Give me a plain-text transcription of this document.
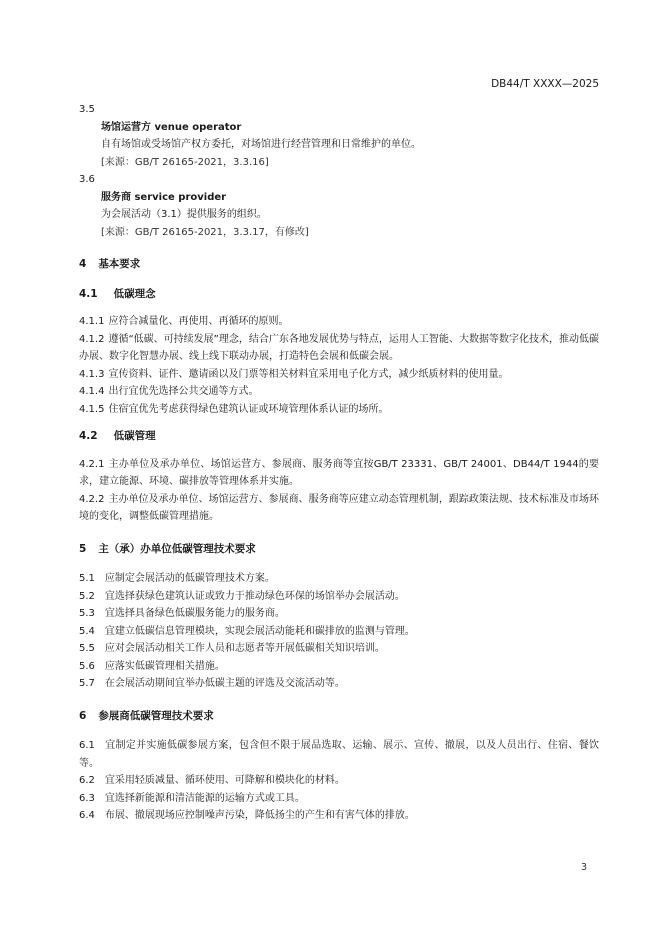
DB44/T XXXX—2025
3.5
场馆运营方 venue operator
自有场馆或受场馆产权方委托，对场馆进行经营管理和日常维护的单位。
[来源：GB/T 26165-2021，3.3.16]
3.6
服务商 service provider
为会展活动（3.1）提供服务的组织。
[来源：GB/T 26165-2021，3.3.17，有修改]
4 基本要求
4.1 低碳理念
4.1.1 应符合减量化、再使用、再循环的原则。
4.1.2 遵循“低碳、可持续发展”理念，结合广东各地发展优势与特点，运用人工智能、大数据等数字化技术，推动低碳办展、数字化智慧办展、线上线下联动办展，打造特色会展和低碳会展。
4.1.3 宣传资料、证件、邀请函以及门票等相关材料宜采用电子化方式，减少纸质材料的使用量。
4.1.4 出行宜优先选择公共交通等方式。
4.1.5 住宿宜优先考虑获得绿色建筑认证或环境管理体系认证的场所。
4.2 低碳管理
4.2.1 主办单位及承办单位、场馆运营方、参展商、服务商等宜按GB/T 23331、GB/T 24001、DB44/T 1944的要求，建立能源、环境、碳排放等管理体系并实施。
4.2.2 主办单位及承办单位、场馆运营方、参展商、服务商等应建立动态管理机制，跟踪政策法规、技术标准及市场环境的变化，调整低碳管理措施。
5 主（承）办单位低碳管理技术要求
5.1 应制定会展活动的低碳管理技术方案。
5.2 宜选择获绿色建筑认证或致力于推动绿色环保的场馆举办会展活动。
5.3 宜选择具备绿色低碳服务能力的服务商。
5.4 宜建立低碳信息管理模块，实现会展活动能耗和碳排放的监测与管理。
5.5 应对会展活动相关工作人员和志愿者等开展低碳相关知识培训。
5.6 应落实低碳管理相关措施。
5.7 在会展活动期间宜举办低碳主题的评选及交流活动等。
6 参展商低碳管理技术要求
6.1 宜制定并实施低碳参展方案，包含但不限于展品选取、运输、展示、宣传、撤展，以及人员出行、住宿、餐饮等。
6.2 宜采用轻质减量、循环使用、可降解和模块化的材料。
6.3 宜选择新能源和清洁能源的运输方式或工具。
6.4 布展、撤展现场应控制噪声污染，降低扬尘的产生和有害气体的排放。
3
